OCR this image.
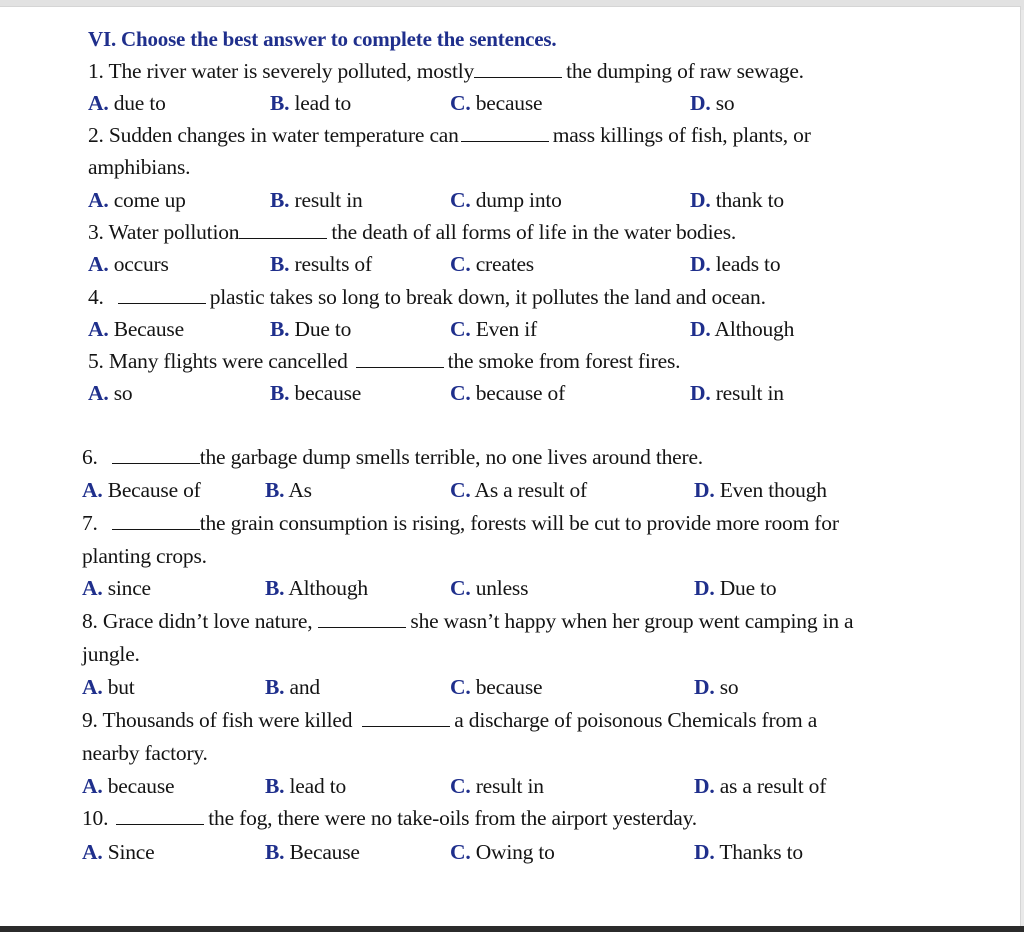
VI. Choose the best answer to complete the sentences.
1. The river water is severely polluted, mostly	the dumping of raw sewage.
A. due to	B. lead to	C. because	D. so
2. Sudden changes in water temperature can	mass killings of fish, plants, or
amphibians.
A. come up	B. result in	C. dump into	D. thank to
3. Water pollution	the death of all forms of life in the water bodies.
A. occurs	B. results of	C. creates	D. leads to
4.	plastic takes so long to break down, it pollutes the land and ocean.
A. Because	B. Due to	C. Even if	D. Although
5. Many flights were cancelled	the smoke from forest fires.
A. so	B. because	C. because of	D. result in
6.	the garbage dump smells terrible, no one lives around there.
A. Because of	B. As	C. As a result of	D. Even though
7.	the grain consumption is rising, forests will be cut to provide more room for
planting crops.
A. since	B. Although	C. unless	D. Due to
8. Grace didn’t love nature,	she wasn’t happy when her group went camping in a
jungle.
A. but	B. and	C. because	D. so
9. Thousands of fish were killed	a discharge of poisonous Chemicals from a
nearby factory.
A. because	B. lead to	C. result in	D. as a result of
10.	the fog, there were no take-oils from the airport yesterday.
A. Since	B. Because	C. Owing to	D. Thanks to
